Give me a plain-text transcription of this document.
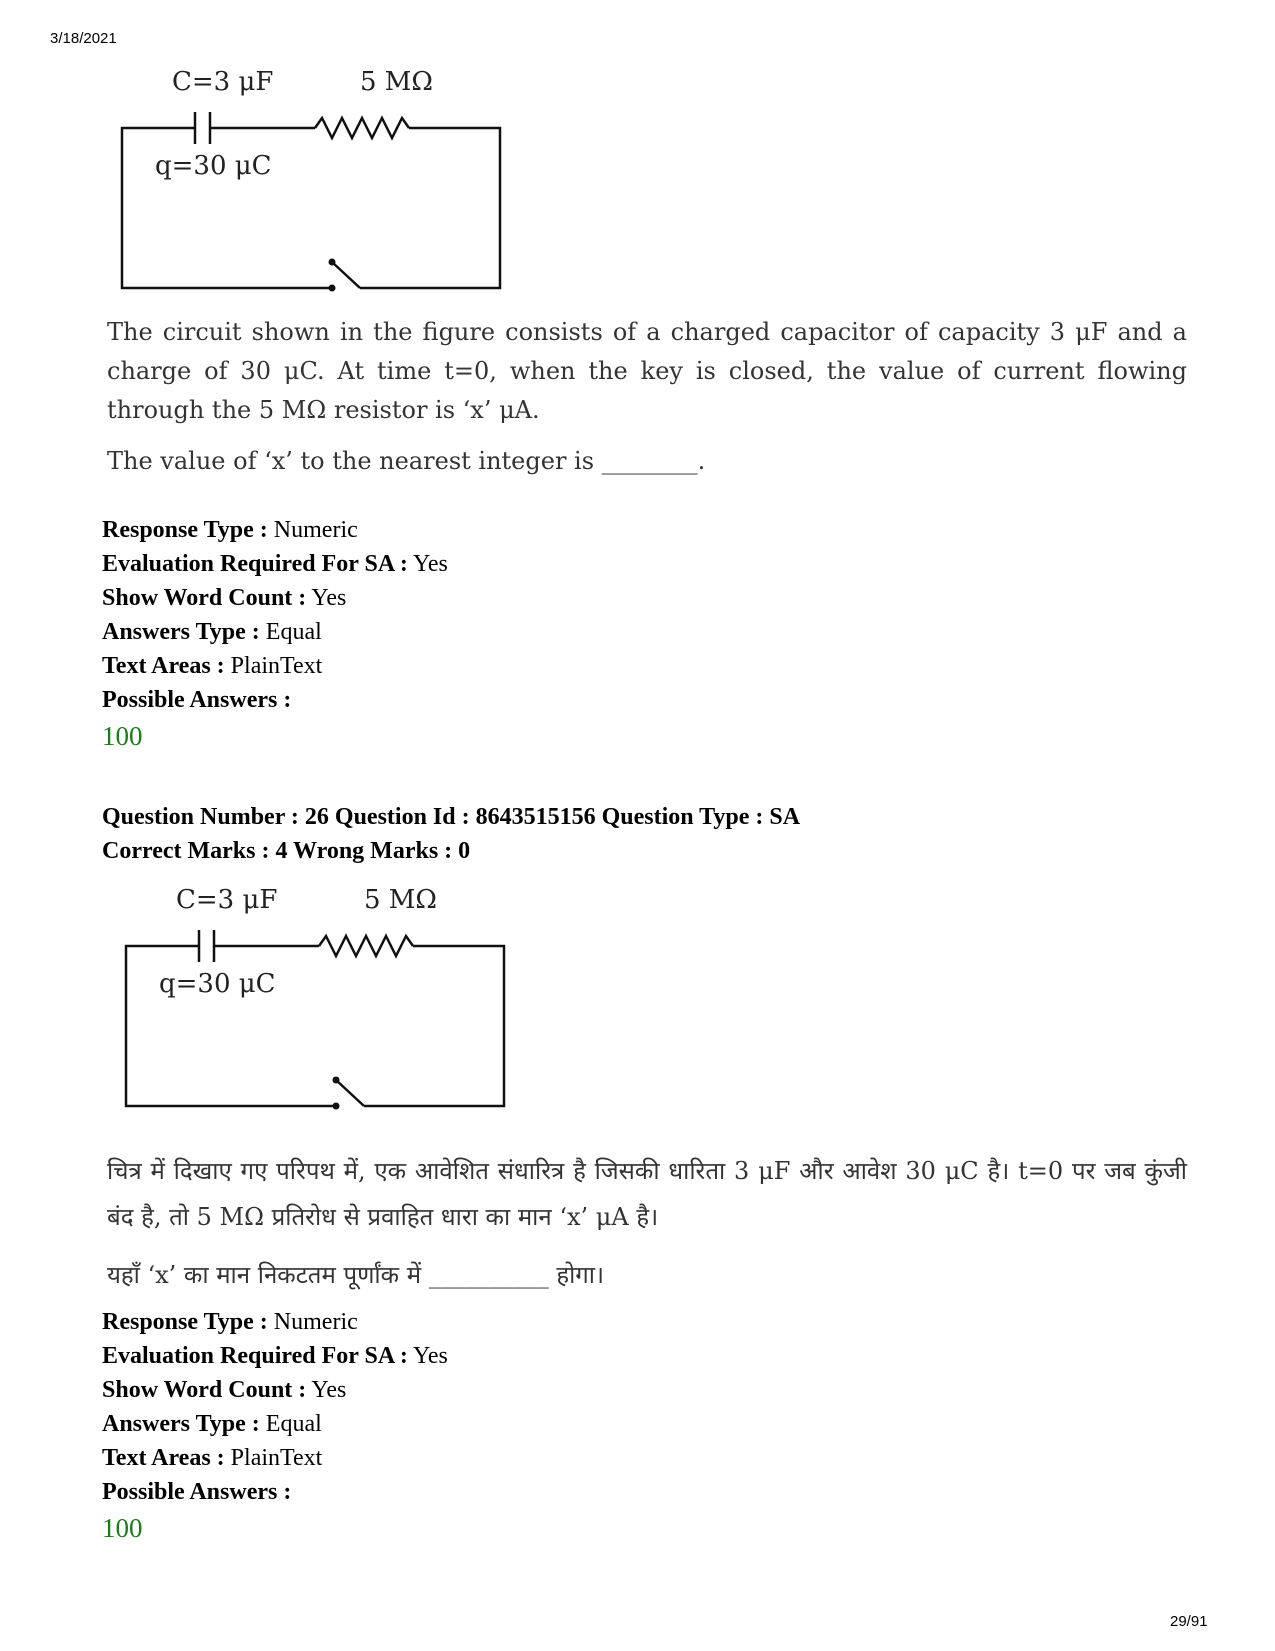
3/18/2021
C=3 μF	5 MΩ
q=30 μC

The circuit shown in the figure consists of a charged capacitor of capacity 3 μF and a charge of 30 μC. At time t=0, when the key is closed, the value of current flowing through the 5 MΩ resistor is ‘x’ μA.

The value of ‘x’ to the nearest integer is ________.

Response Type : Numeric
Evaluation Required For SA : Yes
Show Word Count : Yes
Answers Type : Equal
Text Areas : PlainText
Possible Answers :
100
Question Number : 26 Question Id : 8643515156 Question Type : SA
Correct Marks : 4 Wrong Marks : 0
C=3 μF	5 MΩ
q=30 μC

चित्र में दिखाए गए परिपथ में, एक आवेशित संधारित्र है जिसकी धारिता 3 μF और आवेश 30 μC है। t=0 पर जब कुंजी बंद है, तो 5 MΩ प्रतिरोध से प्रवाहित धारा का मान ‘x’ μA है।

यहाँ ‘x’ का मान निकटतम पूर्णांक में __________ होगा।

Response Type : Numeric
Evaluation Required For SA : Yes
Show Word Count : Yes
Answers Type : Equal
Text Areas : PlainText
Possible Answers :
100
29/91
